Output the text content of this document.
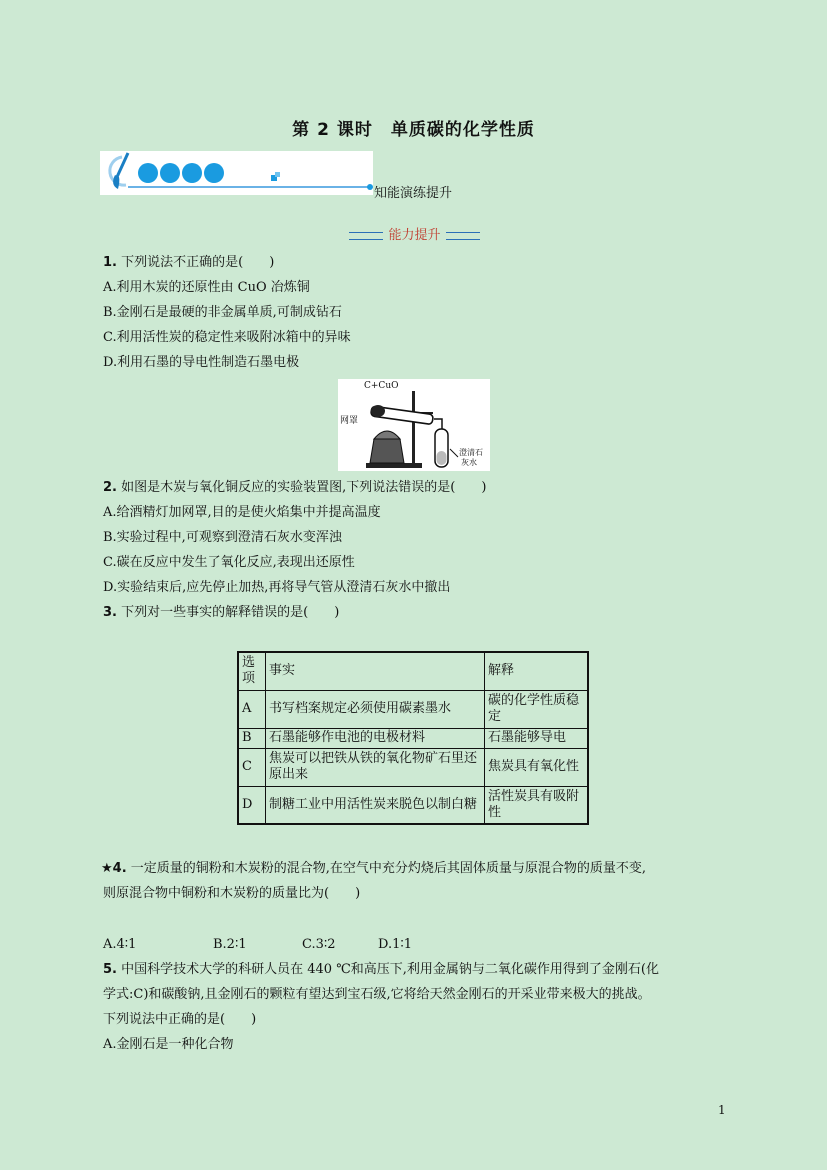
第 2 课时　单质碳的化学性质
知能演练提升
能力提升
1. 下列说法不正确的是(　　)
A.利用木炭的还原性由 CuO 冶炼铜
B.金刚石是最硬的非金属单质,可制成钻石
C.利用活性炭的稳定性来吸附冰箱中的异味
D.利用石墨的导电性制造石墨电极
C+CuO
网罩
澄清石
灰水
2. 如图是木炭与氧化铜反应的实验装置图,下列说法错误的是(　　)
A.给酒精灯加网罩,目的是使火焰集中并提高温度
B.实验过程中,可观察到澄清石灰水变浑浊
C.碳在反应中发生了氧化反应,表现出还原性
D.实验结束后,应先停止加热,再将导气管从澄清石灰水中撤出
3. 下列对一些事实的解释错误的是(　　)
选项	事实	解释
A	书写档案规定必须使用碳素墨水	碳的化学性质稳定
B	石墨能够作电池的电极材料	石墨能够导电
C	焦炭可以把铁从铁的氧化物矿石里还原出来	焦炭具有氧化性
D	制糖工业中用活性炭来脱色以制白糖	活性炭具有吸附性
★4. 一定质量的铜粉和木炭粉的混合物,在空气中充分灼烧后其固体质量与原混合物的质量不变,
则原混合物中铜粉和木炭粉的质量比为(　　)
A.4∶1	B.2∶1	C.3∶2	D.1∶1
5. 中国科学技术大学的科研人员在 440 ℃和高压下,利用金属钠与二氧化碳作用得到了金刚石(化
学式:C)和碳酸钠,且金刚石的颗粒有望达到宝石级,它将给天然金刚石的开采业带来极大的挑战。
下列说法中正确的是(　　)
A.金刚石是一种化合物
1
